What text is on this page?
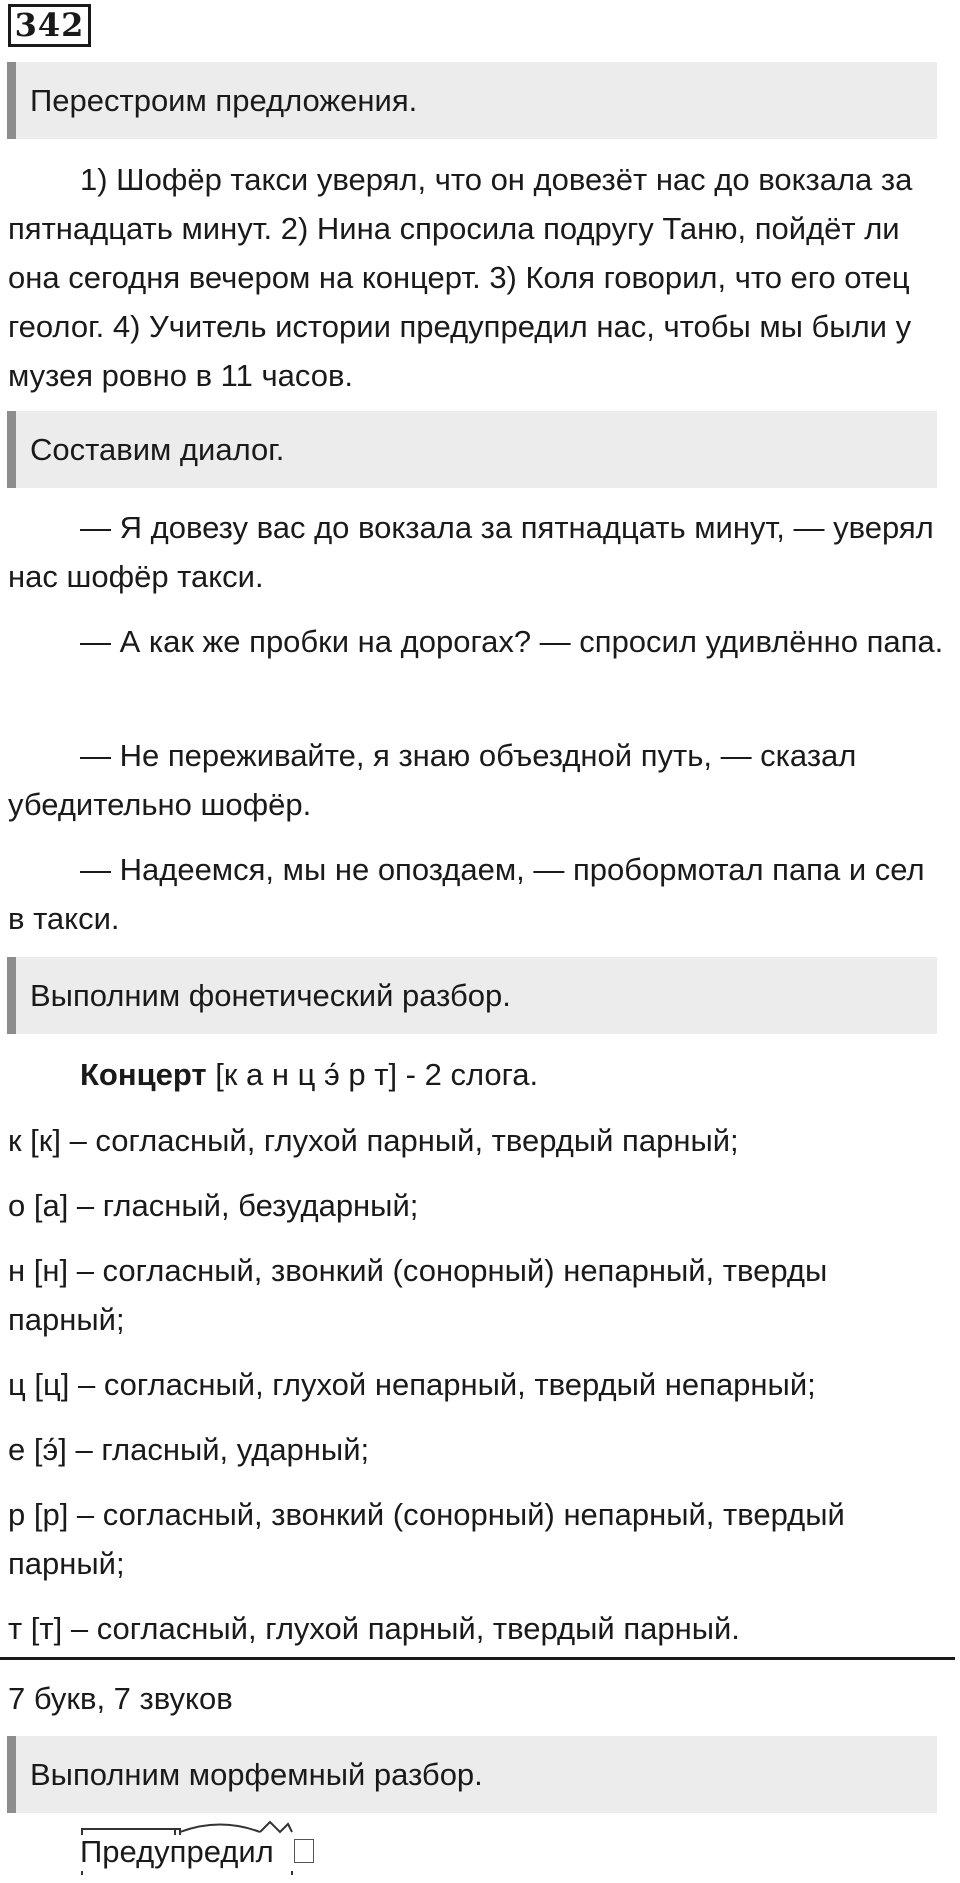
342
Перестроим предложения.

1) Шофёр такси уверял, что он довезёт нас до вокзала за пятнадцать минут. 2) Нина спросила подругу Таню, пойдёт ли она сегодня вечером на концерт. 3) Коля говорил, что его отец геолог. 4) Учитель истории предупредил нас, чтобы мы были у музея ровно в 11 часов.

Составим диалог.

— Я довезу вас до вокзала за пятнадцать минут, — уверял нас шофёр такси.

— А как же пробки на дорогах? — спросил удивлённо папа.

— Не переживайте, я знаю объездной путь, — сказал убедительно шофёр.

— Надеемся, мы не опоздаем, — пробормотал папа и сел в такси.

Выполним фонетический разбор.

Концерт [к а н ц э́ р т] - 2 слога.

к [к] – согласный, глухой парный, твердый парный;

о [а] – гласный, безударный;

н [н] – согласный, звонкий (сонорный) непарный, тверды парный;

ц [ц] – согласный, глухой непарный, твердый непарный;

е [э́] – гласный, ударный;

р [р] – согласный, звонкий (сонорный) непарный, твердый парный;

т [т] – согласный, глухой парный, твердый парный.

7 букв, 7 звуков

Выполним морфемный разбор.
Предупредил
